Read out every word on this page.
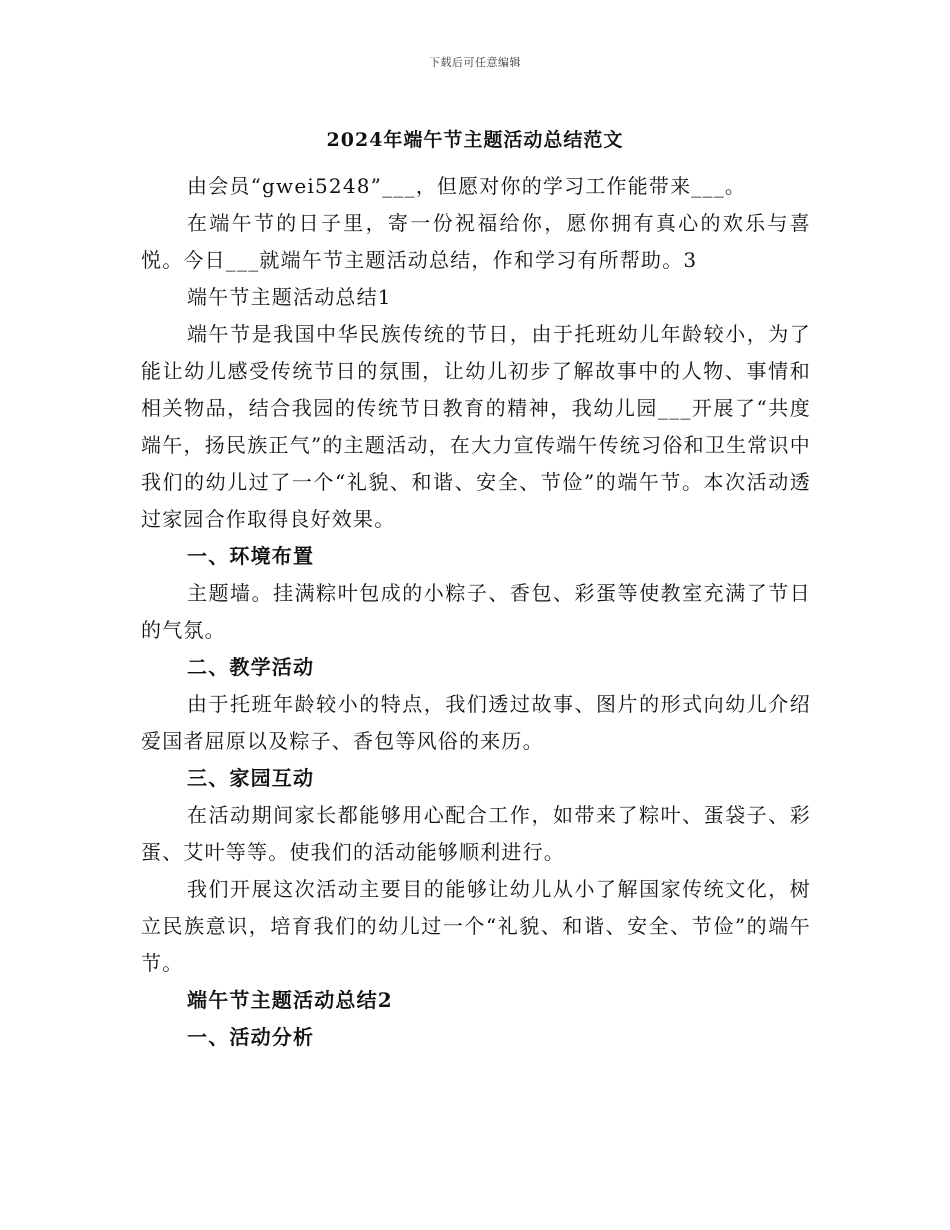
下载后可任意编辑
2024年端午节主题活动总结范文

由会员“gwei5248”___，但愿对你的学习工作能带来___。

在端午节的日子里，寄一份祝福给你，愿你拥有真心的欢乐与喜悦。今日___就端午节主题活动总结，作和学习有所帮助。3

端午节主题活动总结1

端午节是我国中华民族传统的节日，由于托班幼儿年龄较小，为了能让幼儿感受传统节日的氛围，让幼儿初步了解故事中的人物、事情和相关物品，结合我园的传统节日教育的精神，我幼儿园___开展了“共度端午，扬民族正气”的主题活动，在大力宣传端午传统习俗和卫生常识中我们的幼儿过了一个“礼貌、和谐、安全、节俭”的端午节。本次活动透过家园合作取得良好效果。

一、环境布置

主题墙。挂满粽叶包成的小粽子、香包、彩蛋等使教室充满了节日的气氛。

二、教学活动

由于托班年龄较小的特点，我们透过故事、图片的形式向幼儿介绍爱国者屈原以及粽子、香包等风俗的来历。

三、家园互动

在活动期间家长都能够用心配合工作，如带来了粽叶、蛋袋子、彩蛋、艾叶等等。使我们的活动能够顺利进行。

我们开展这次活动主要目的能够让幼儿从小了解国家传统文化，树立民族意识，培育我们的幼儿过一个“礼貌、和谐、安全、节俭”的端午节。

端午节主题活动总结2

一、活动分析
